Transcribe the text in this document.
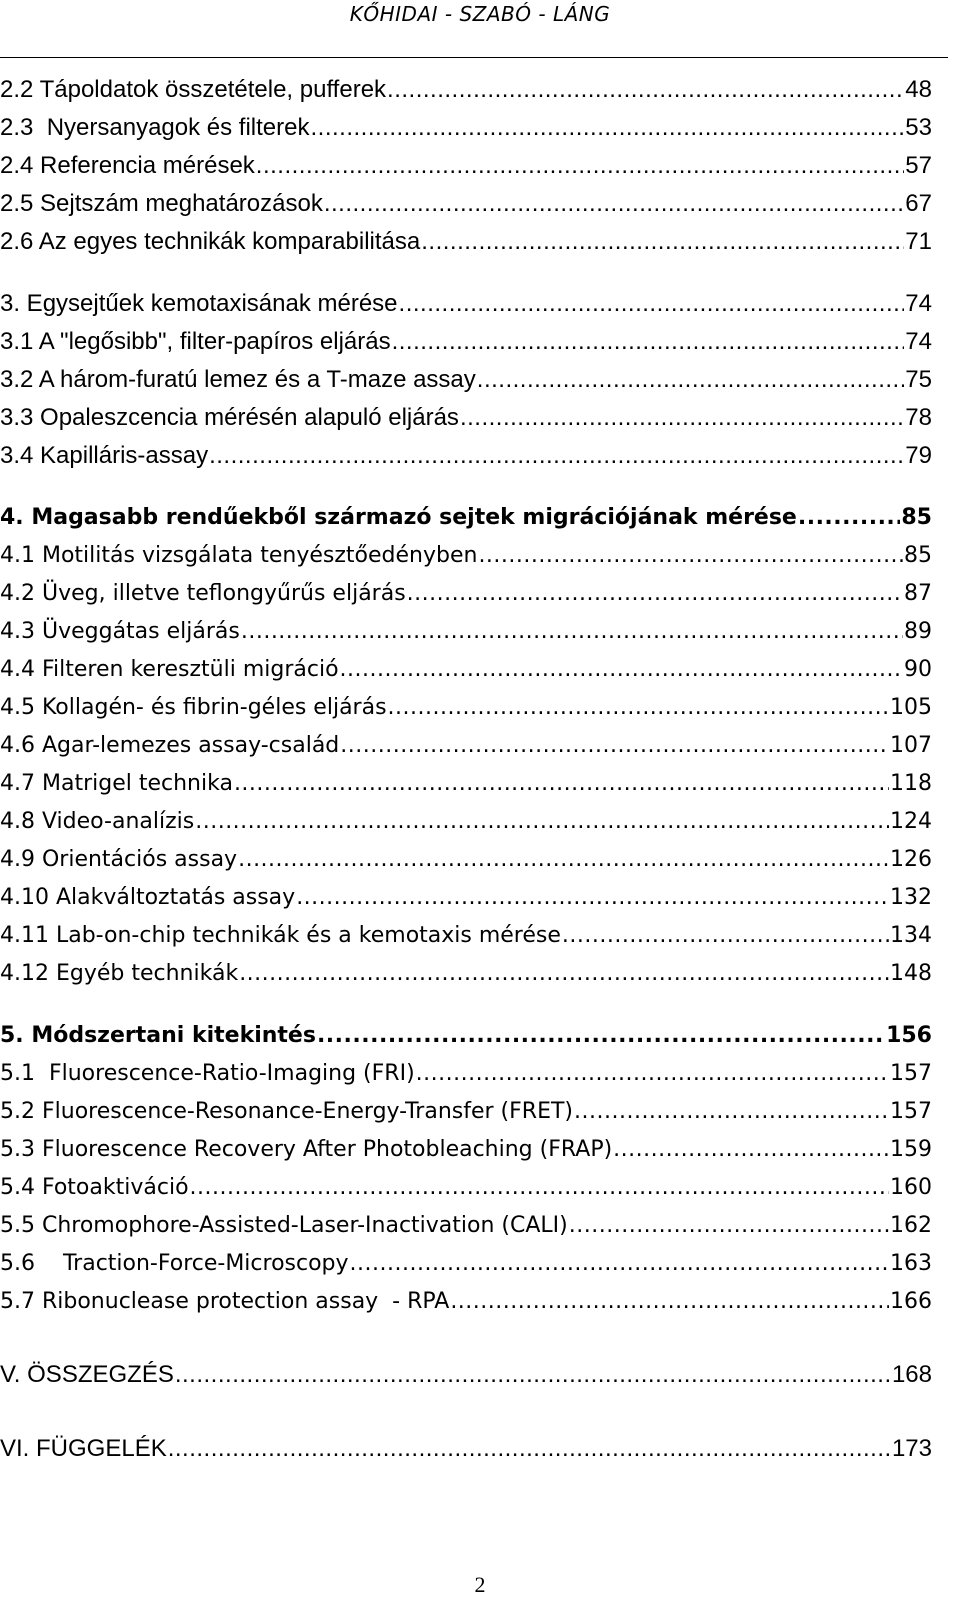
KŐHIDAI - SZABÓ - LÁNG
2.2 Tápoldatok összetétele, pufferek .....	48
2.3  Nyersanyagok és filterek .....	53
2.4 Referencia mérések .....	57
2.5 Sejtszám meghatározások .....	67
2.6 Az egyes technikák komparabilitása .....	71
3. Egysejtűek kemotaxisának mérése .....	74
3.1 A "legősibb", filter-papíros eljárás .....	74
3.2 A három-furatú lemez és a T-maze assay .....	75
3.3 Opaleszcencia mérésén alapuló eljárás .....	78
3.4 Kapilláris-assay .....	79
4. Magasabb rendűekből származó sejtek migrációjának mérése .....	85
4.1 Motilitás vizsgálata tenyésztőedényben .....	85
4.2 Üveg, illetve teflongyűrűs eljárás .....	87
4.3 Üveggátas eljárás .....	89
4.4 Filteren keresztüli migráció .....	90
4.5 Kollagén- és fibrin-géles eljárás .....	105
4.6 Agar-lemezes assay-család .....	107
4.7 Matrigel technika .....	118
4.8 Video-analízis .....	124
4.9 Orientációs assay .....	126
4.10 Alakváltoztatás assay .....	132
4.11 Lab-on-chip technikák és a kemotaxis mérése .....	134
4.12 Egyéb technikák .....	148
5. Módszertani kitekintés .....	156
5.1  Fluorescence-Ratio-Imaging (FRI) .....	157
5.2 Fluorescence-Resonance-Energy-Transfer (FRET) .....	157
5.3 Fluorescence Recovery After Photobleaching (FRAP) .....	159
5.4 Fotoaktiváció .....	160
5.5 Chromophore-Assisted-Laser-Inactivation (CALI) .....	162
5.6    Traction-Force-Microscopy .....	163
5.7 Ribonuclease protection assay  - RPA .....	166
V. ÖSSZEGZÉS .....	168
VI. FÜGGELÉK .....	173
2
